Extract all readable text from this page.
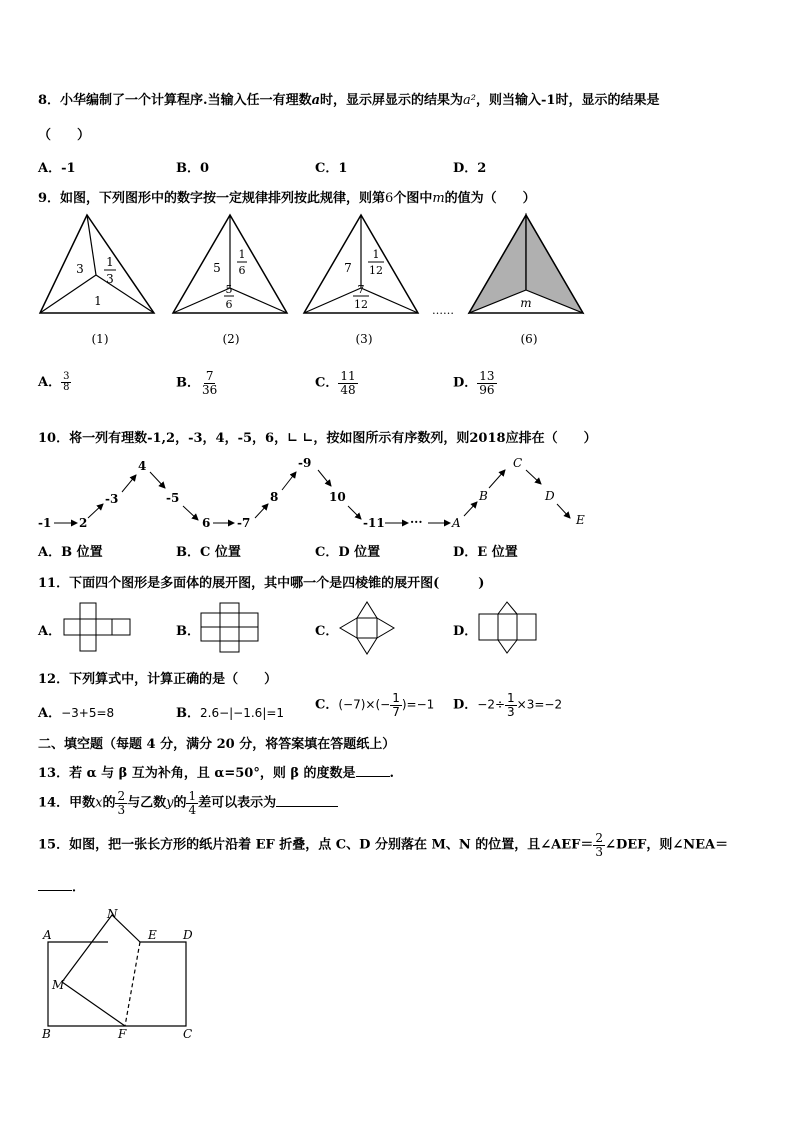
8．小华编制了一个计算程序.当输入任一有理数a时，显示屏显示的结果为a²，则当输入-1时，显示的结果是
（　　）
A．-1	B．0	C．1	D．2
9．如图，下列图形中的数字按一定规律排列按此规律，则第6个图中m的值为（　　）
3 1
3
1
(1)
5
1
6
5
6
(2)
7
1
12
7
12
(3)
……
m
(6)
A． $\frac{3}{8}$	B． $\frac{7}{36}$	C． $\frac{11}{48}$	D． $\frac{13}{96}$
10．将一列有理数-1,2，-3，4，-5，6，∟ ∟，按如图所示有序数列，则2018应排在（　　）
-1 2
-3
4
-5
6 -7
8
-9
10
-11 ··· A
B
C
D
E
A．B 位置	B．C 位置	C．D 位置	D．E 位置
11．下面四个图形是多面体的展开图，其中哪一个是四棱锥的展开图(　　　)
A．	B．	C．	D．
12．下列算式中，计算正确的是（　　）
A．−3+5=8	B．2.6−|−1.6|=1
C．$(-7)\times(- \frac{1}{7} )=-1$ D．$-2\div \frac{1}{3} \times 3=-2$
二、填空题（每题 4 分，满分 20 分，将答案填在答题纸上）
13．若 α 与 β 互为补角，且 α=50°，则 β 的度数是	.
14．甲数x的 $\frac{2}{3}$ 与乙数y的 $\frac{1}{4}$ 差可以表示为
15．如图，把一张长方形的纸片沿着 EF 折叠，点 C、D 分别落在 M、N 的位置，且∠AEF＝ $\frac{2}{3}$ ∠DEF，则∠NEA＝
．
A	D
E
N
M
B	F	C
